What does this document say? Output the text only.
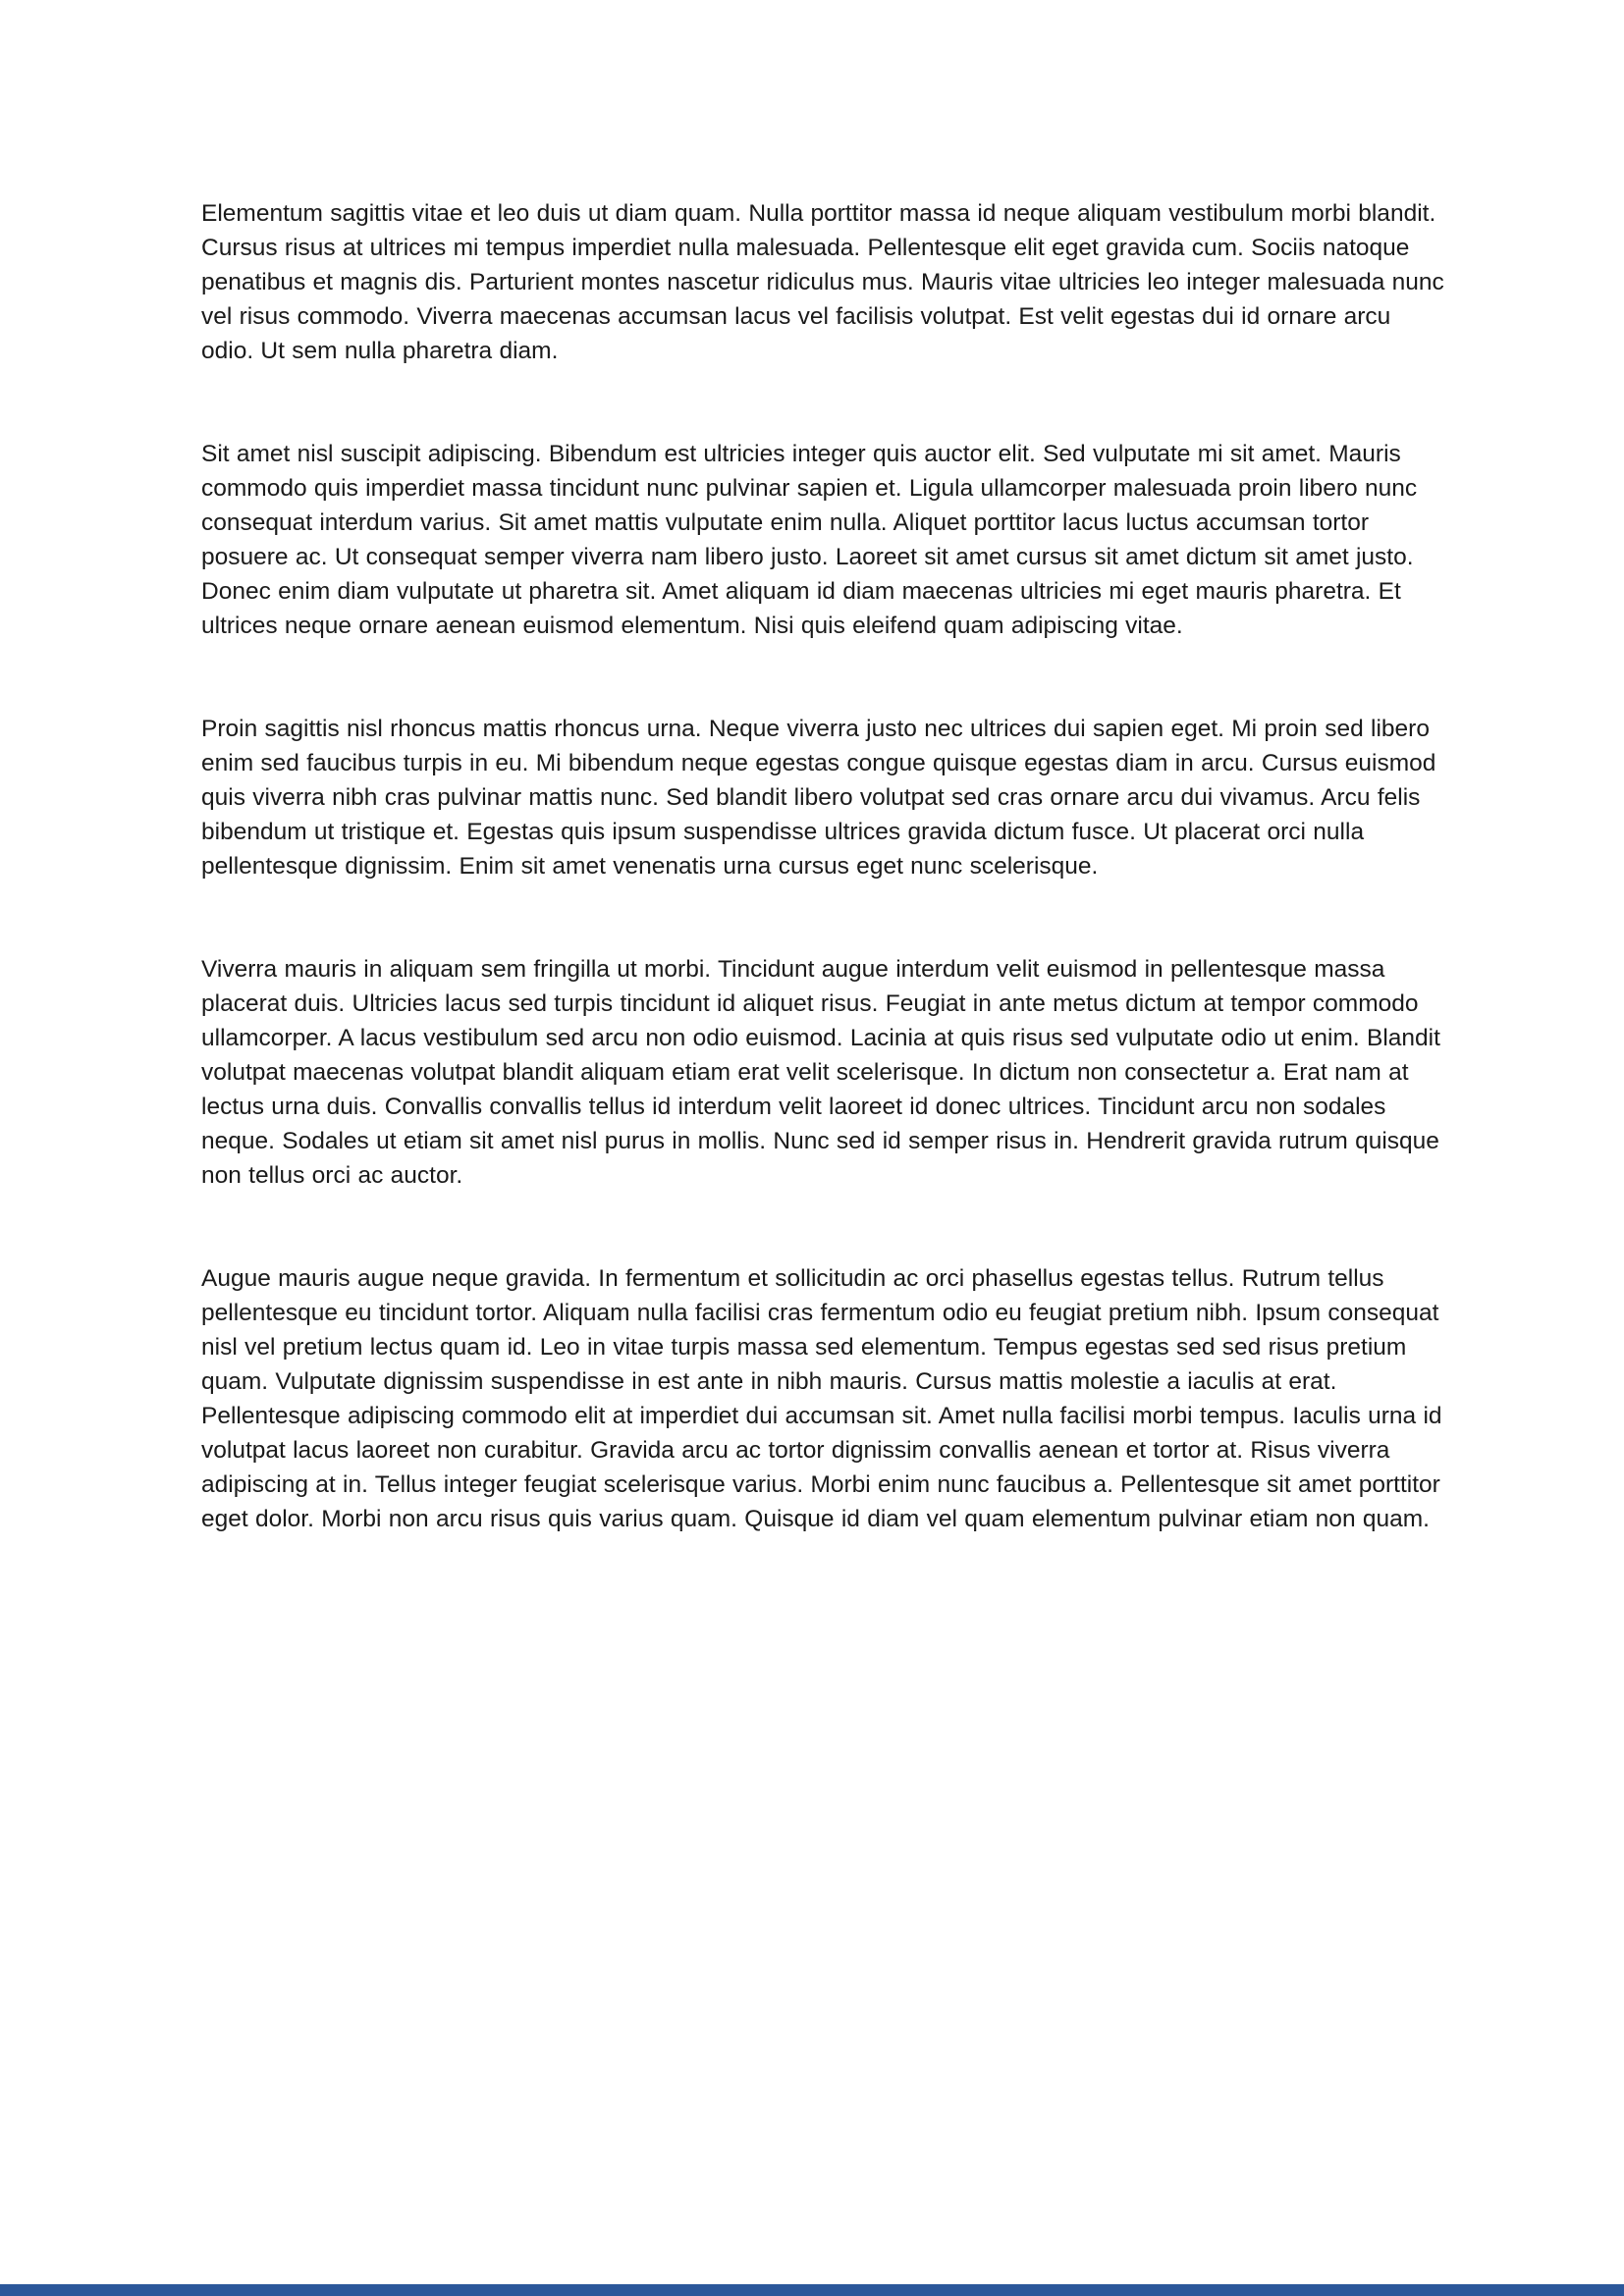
Elementum sagittis vitae et leo duis ut diam quam. Nulla porttitor massa id neque aliquam vestibulum morbi blandit. Cursus risus at ultrices mi tempus imperdiet nulla malesuada. Pellentesque elit eget gravida cum. Sociis natoque penatibus et magnis dis. Parturient montes nascetur ridiculus mus. Mauris vitae ultricies leo integer malesuada nunc vel risus commodo. Viverra maecenas accumsan lacus vel facilisis volutpat. Est velit egestas dui id ornare arcu odio. Ut sem nulla pharetra diam.

Sit amet nisl suscipit adipiscing. Bibendum est ultricies integer quis auctor elit. Sed vulputate mi sit amet. Mauris commodo quis imperdiet massa tincidunt nunc pulvinar sapien et. Ligula ullamcorper malesuada proin libero nunc consequat interdum varius. Sit amet mattis vulputate enim nulla. Aliquet porttitor lacus luctus accumsan tortor posuere ac. Ut consequat semper viverra nam libero justo. Laoreet sit amet cursus sit amet dictum sit amet justo. Donec enim diam vulputate ut pharetra sit. Amet aliquam id diam maecenas ultricies mi eget mauris pharetra. Et ultrices neque ornare aenean euismod elementum. Nisi quis eleifend quam adipiscing vitae.

Proin sagittis nisl rhoncus mattis rhoncus urna. Neque viverra justo nec ultrices dui sapien eget. Mi proin sed libero enim sed faucibus turpis in eu. Mi bibendum neque egestas congue quisque egestas diam in arcu. Cursus euismod quis viverra nibh cras pulvinar mattis nunc. Sed blandit libero volutpat sed cras ornare arcu dui vivamus. Arcu felis bibendum ut tristique et. Egestas quis ipsum suspendisse ultrices gravida dictum fusce. Ut placerat orci nulla pellentesque dignissim. Enim sit amet venenatis urna cursus eget nunc scelerisque.

Viverra mauris in aliquam sem fringilla ut morbi. Tincidunt augue interdum velit euismod in pellentesque massa placerat duis. Ultricies lacus sed turpis tincidunt id aliquet risus. Feugiat in ante metus dictum at tempor commodo ullamcorper. A lacus vestibulum sed arcu non odio euismod. Lacinia at quis risus sed vulputate odio ut enim. Blandit volutpat maecenas volutpat blandit aliquam etiam erat velit scelerisque. In dictum non consectetur a. Erat nam at lectus urna duis. Convallis convallis tellus id interdum velit laoreet id donec ultrices. Tincidunt arcu non sodales neque. Sodales ut etiam sit amet nisl purus in mollis. Nunc sed id semper risus in. Hendrerit gravida rutrum quisque non tellus orci ac auctor.

Augue mauris augue neque gravida. In fermentum et sollicitudin ac orci phasellus egestas tellus. Rutrum tellus pellentesque eu tincidunt tortor. Aliquam nulla facilisi cras fermentum odio eu feugiat pretium nibh. Ipsum consequat nisl vel pretium lectus quam id. Leo in vitae turpis massa sed elementum. Tempus egestas sed sed risus pretium quam. Vulputate dignissim suspendisse in est ante in nibh mauris. Cursus mattis molestie a iaculis at erat. Pellentesque adipiscing commodo elit at imperdiet dui accumsan sit. Amet nulla facilisi morbi tempus. Iaculis urna id volutpat lacus laoreet non curabitur. Gravida arcu ac tortor dignissim convallis aenean et tortor at. Risus viverra adipiscing at in. Tellus integer feugiat scelerisque varius. Morbi enim nunc faucibus a. Pellentesque sit amet porttitor eget dolor. Morbi non arcu risus quis varius quam. Quisque id diam vel quam elementum pulvinar etiam non quam.
